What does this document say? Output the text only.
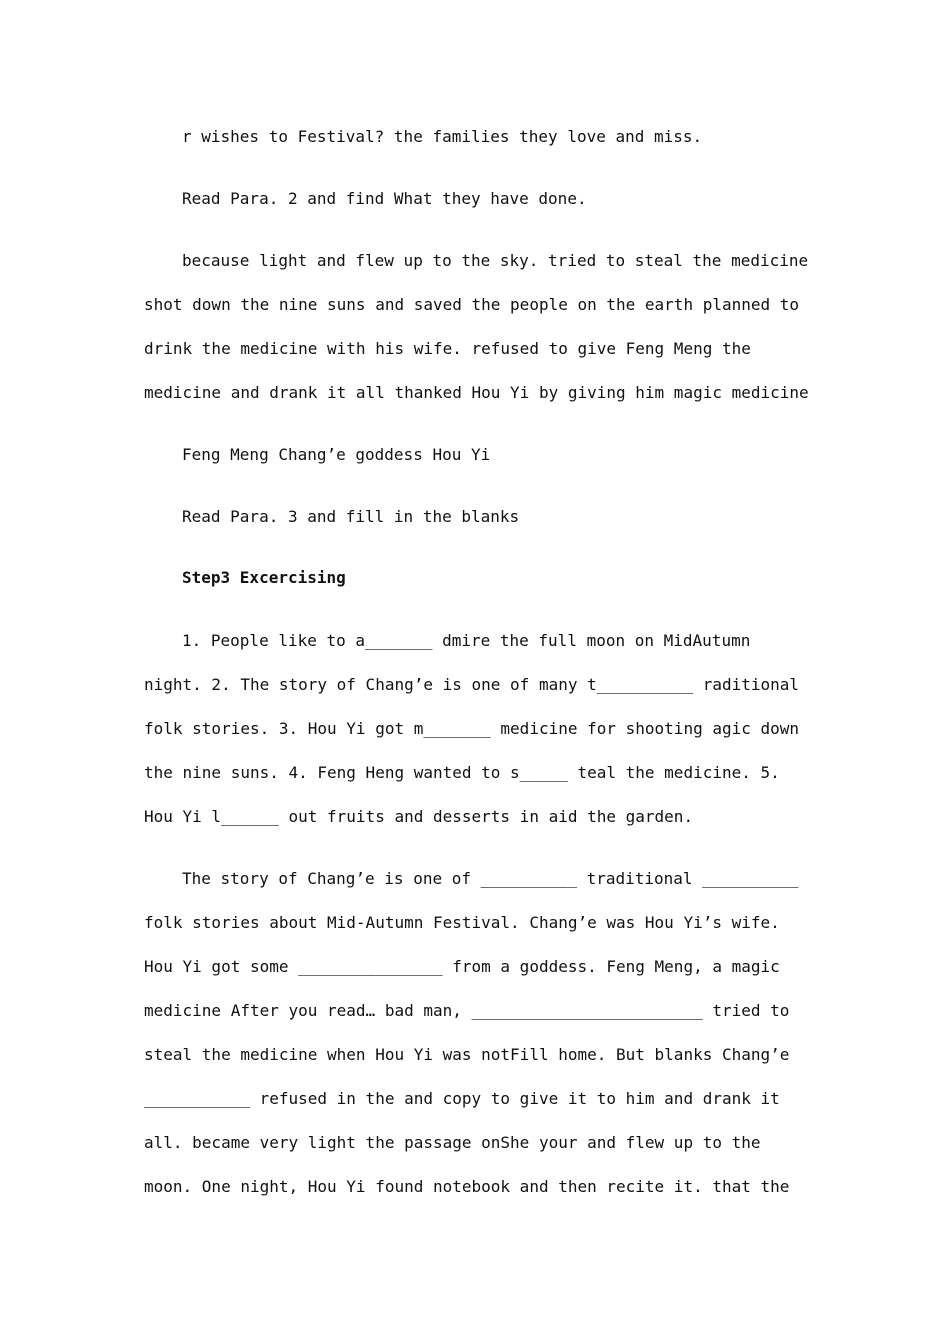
r wishes to Festival? the families they love and miss.
Read Para. 2 and find What they have done.
because light and flew up to the sky. tried to steal the medicine
shot down the nine suns and saved the people on the earth planned to
drink the medicine with his wife. refused to give Feng Meng the
medicine and drank it all thanked Hou Yi by giving him magic medicine
Feng Meng Chang’e goddess Hou Yi
Read Para. 3 and fill in the blanks
Step3 Excercising
1. People like to a_______ dmire the full moon on MidAutumn
night. 2. The story of Chang’e is one of many t__________ raditional
folk stories. 3. Hou Yi got m_______ medicine for shooting agic down
the nine suns. 4. Feng Heng wanted to s_____ teal the medicine. 5.
Hou Yi l______ out fruits and desserts in aid the garden.
The story of Chang’e is one of __________ traditional __________
folk stories about Mid-Autumn Festival. Chang’e was Hou Yi’s wife.
Hou Yi got some _______________ from a goddess. Feng Meng, a magic
medicine After you read… bad man, ________________________ tried to
steal the medicine when Hou Yi was notFill home. But blanks Chang’e
___________ refused in the and copy to give it to him and drank it
all. became very light the passage onShe your and flew up to the
moon. One night, Hou Yi found notebook and then recite it. that the
